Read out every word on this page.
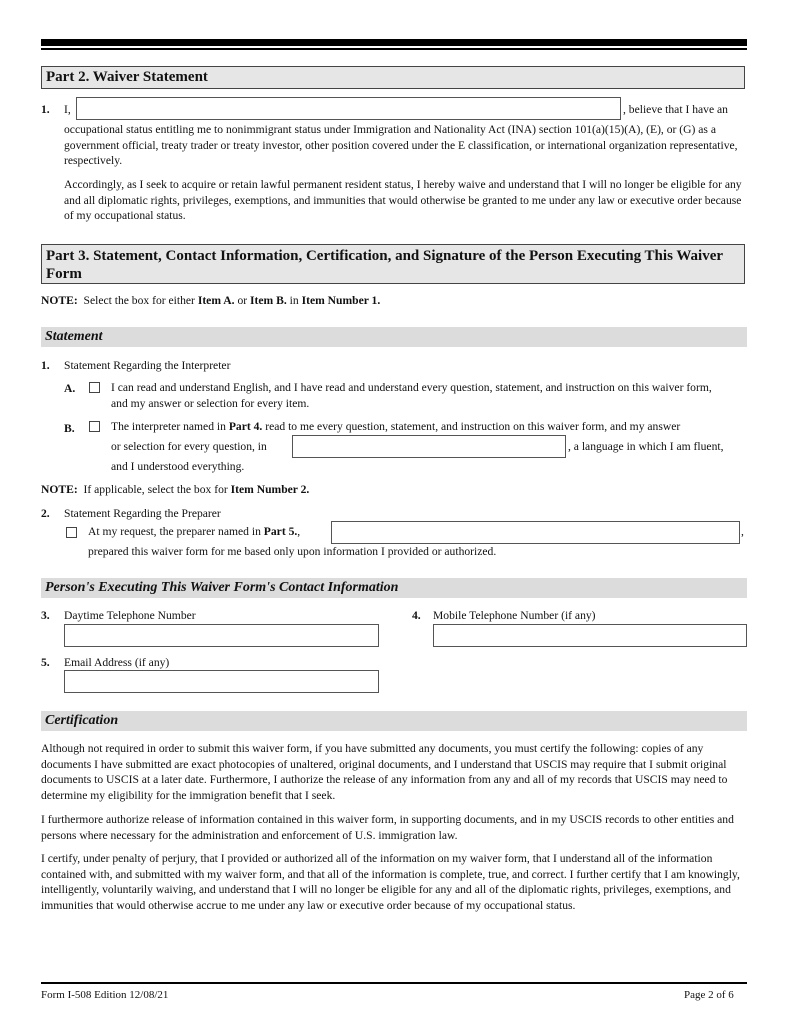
Part 2. Waiver Statement
1. I,	, believe that I have an
occupational status entitling me to nonimmigrant status under Immigration and Nationality Act (INA) section 101(a)(15)(A), (E), or (G) as a government official, treaty trader or treaty investor, other position covered under the E classification, or international organization representative, respectively.
Accordingly, as I seek to acquire or retain lawful permanent resident status, I hereby waive and understand that I will no longer be eligible for any and all diplomatic rights, privileges, exemptions, and immunities that would otherwise be granted to me under any law or executive order because of my occupational status.
Part 3. Statement, Contact Information, Certification, and Signature of the Person Executing This Waiver Form
NOTE: Select the box for either Item A. or Item B. in Item Number 1.
Statement
1. Statement Regarding the Interpreter
A.	I can read and understand English, and I have read and understand every question, statement, and instruction on this waiver form, and my answer or selection for every item.
B.	The interpreter named in Part 4. read to me every question, statement, and instruction on this waiver form, and my answer
or selection for every question, in	, a language in which I am fluent,
and I understood everything.
NOTE: If applicable, select the box for Item Number 2.
2. Statement Regarding the Preparer
At my request, the preparer named in Part 5.,	,
prepared this waiver form for me based only upon information I provided or authorized.
Person's Executing This Waiver Form's Contact Information
3. Daytime Telephone Number	4. Mobile Telephone Number (if any)
5. Email Address (if any)
Certification
Although not required in order to submit this waiver form, if you have submitted any documents, you must certify the following: copies of any documents I have submitted are exact photocopies of unaltered, original documents, and I understand that USCIS may require that I submit original documents to USCIS at a later date. Furthermore, I authorize the release of any information from any and all of my records that USCIS may need to determine my eligibility for the immigration benefit that I seek.
I furthermore authorize release of information contained in this waiver form, in supporting documents, and in my USCIS records to other entities and persons where necessary for the administration and enforcement of U.S. immigration law.
I certify, under penalty of perjury, that I provided or authorized all of the information on my waiver form, that I understand all of the information contained with, and submitted with my waiver form, and that all of the information is complete, true, and correct. I further certify that I am knowingly, intelligently, voluntarily waiving, and understand that I will no longer be eligible for any and all of the diplomatic rights, privileges, exemptions, and immunities that would otherwise accrue to me under any law or executive order because of my occupational status.
Form I-508 Edition 12/08/21	Page 2 of 6
